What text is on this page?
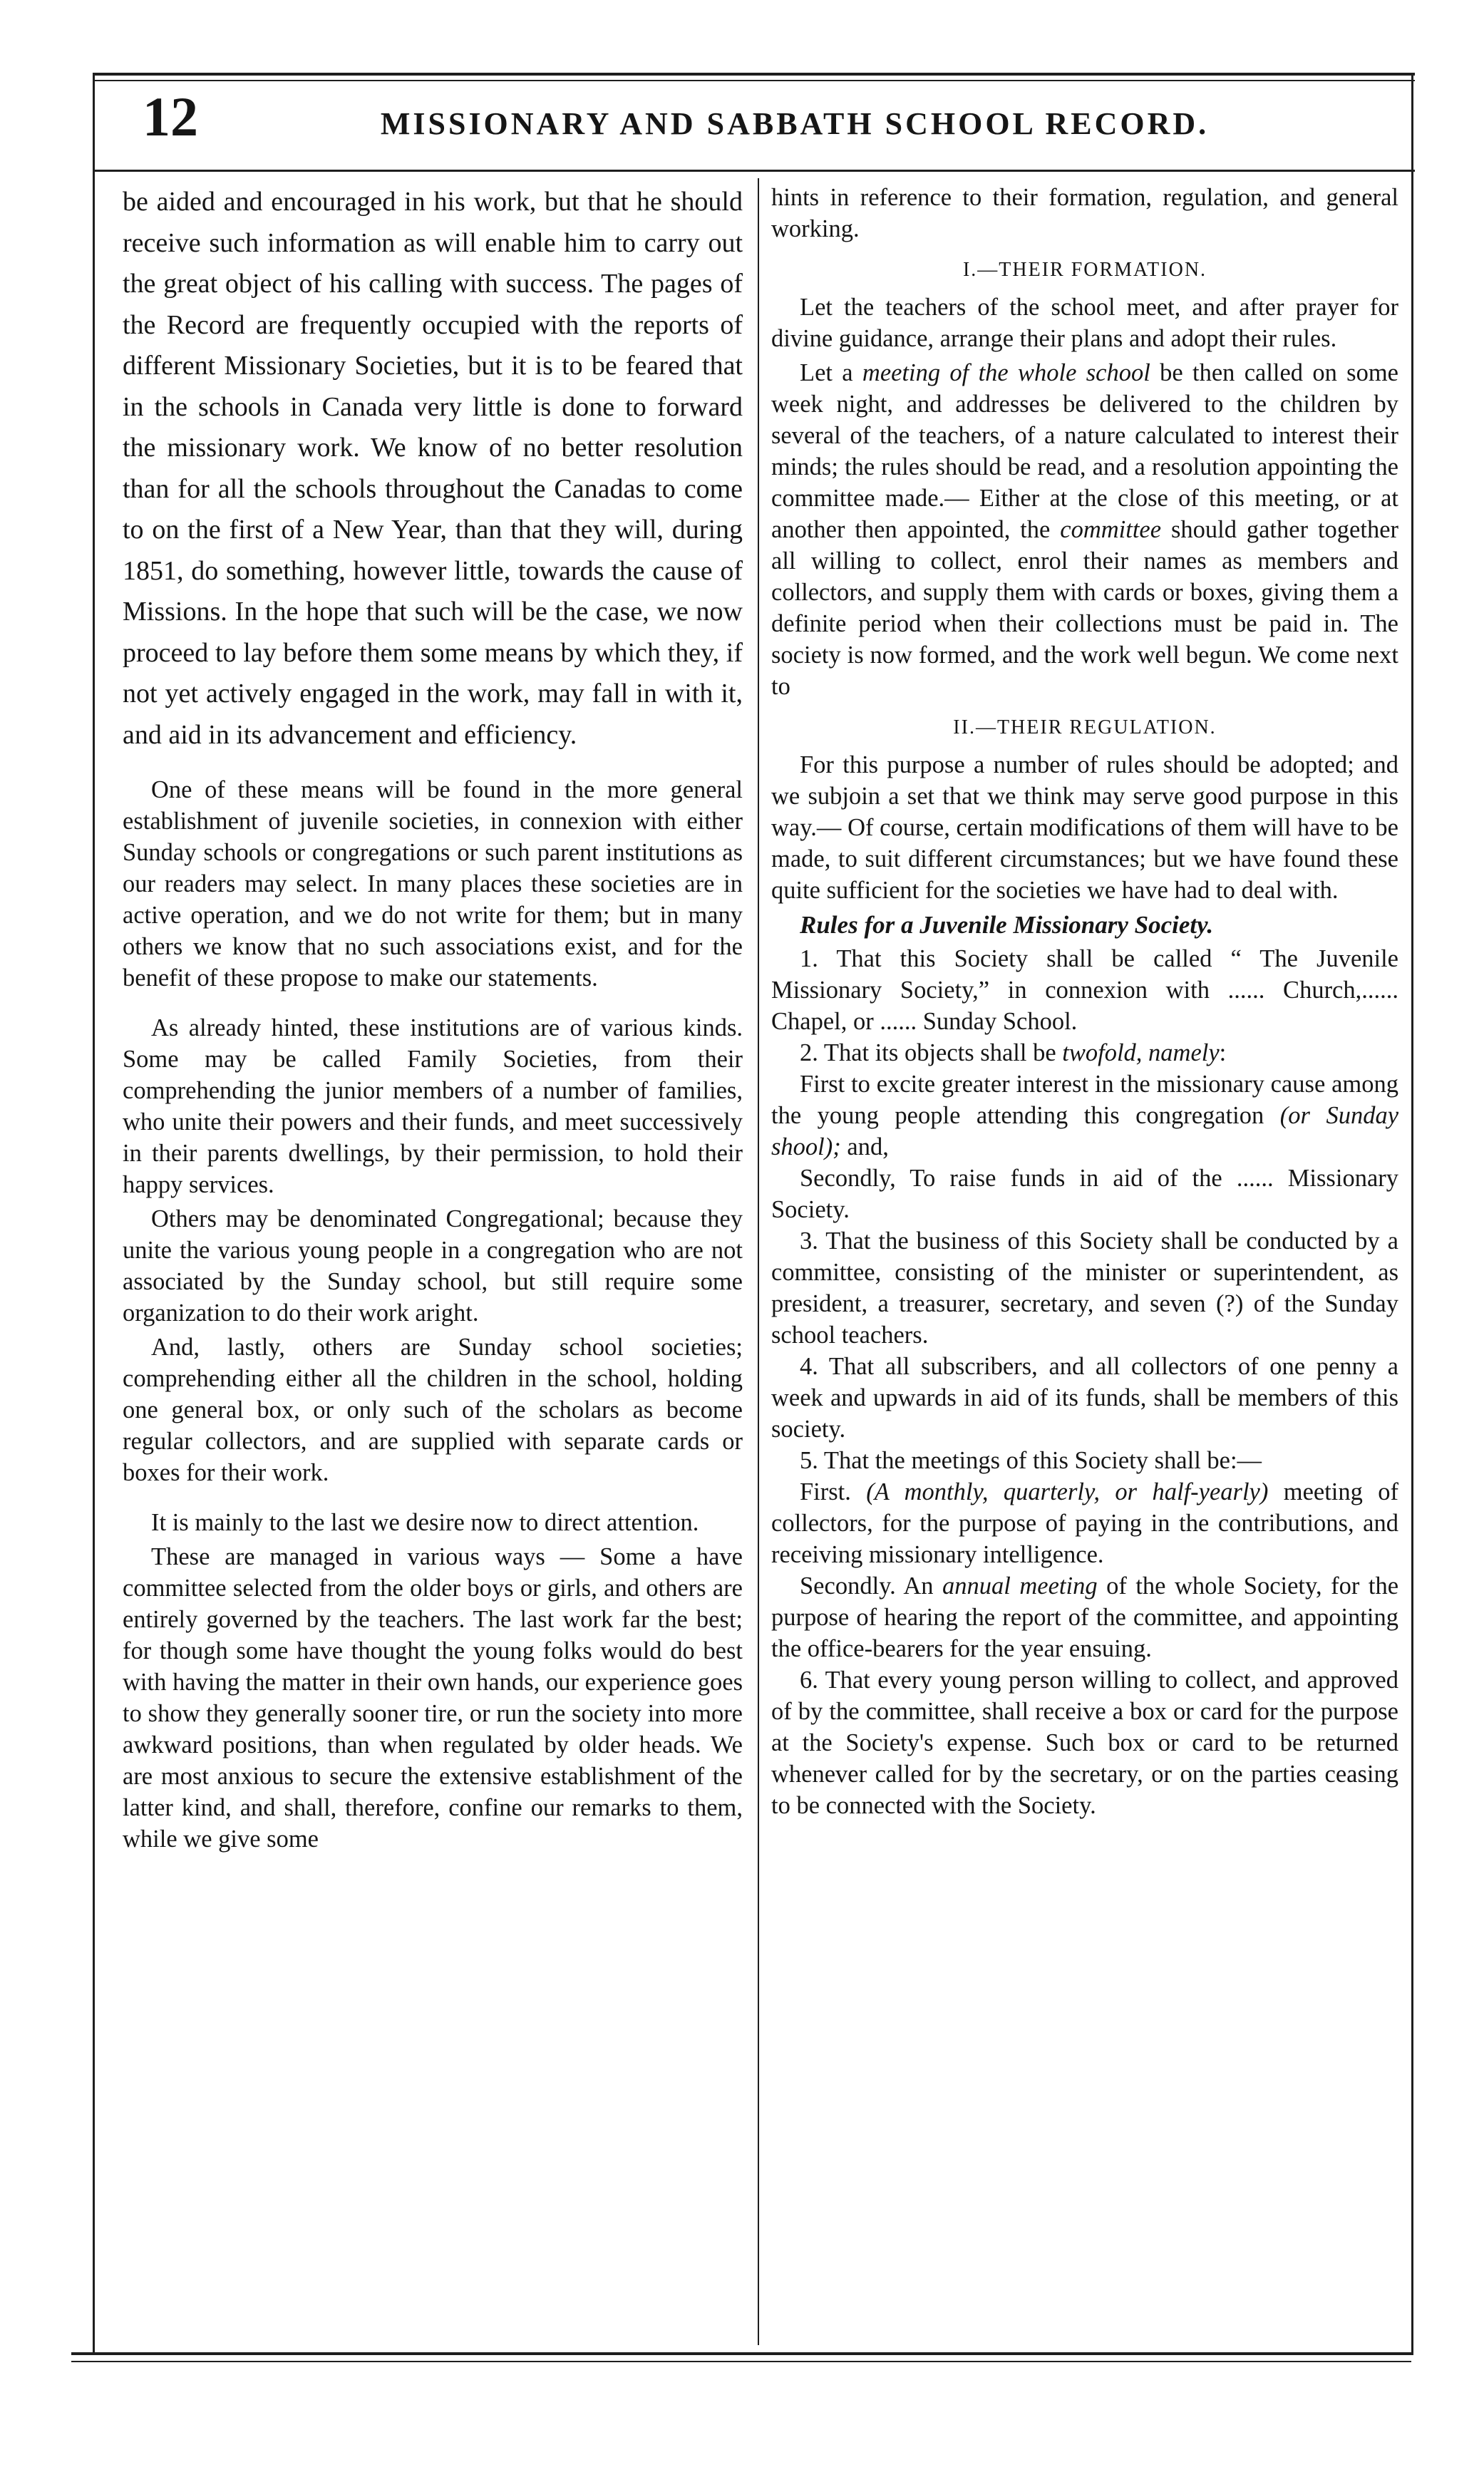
12	MISSIONARY AND SABBATH SCHOOL RECORD.

be aided and encouraged in his work, but that he should receive such information as will enable him to carry out the great object of his calling with success. The pages of the Record are frequently occupied with the reports of different Missionary Societies, but it is to be feared that in the schools in Canada very little is done to forward the missionary work. We know of no better resolution than for all the schools throughout the Canadas to come to on the first of a New Year, than that they will, during 1851, do something, however little, towards the cause of Missions. In the hope that such will be the case, we now proceed to lay before them some means by which they, if not yet actively engaged in the work, may fall in with it, and aid in its advancement and efficiency.

One of these means will be found in the more general establishment of juvenile societies, in connexion with either Sunday schools or congregations or such parent institutions as our readers may select. In many places these societies are in active operation, and we do not write for them; but in many others we know that no such associations exist, and for the benefit of these propose to make our statements.

As already hinted, these institutions are of various kinds. Some may be called Family Societies, from their comprehending the junior members of a number of families, who unite their powers and their funds, and meet successively in their parents dwellings, by their permission, to hold their happy services.

Others may be denominated Congregational; because they unite the various young people in a congregation who are not associated by the Sunday school, but still require some organization to do their work aright.

And, lastly, others are Sunday school societies; comprehending either all the children in the school, holding one general box, or only such of the scholars as become regular collectors, and are supplied with separate cards or boxes for their work.

It is mainly to the last we desire now to direct attention.

These are managed in various ways — Some a have committee selected from the older boys or girls, and others are entirely governed by the teachers. The last work far the best; for though some have thought the young folks would do best with having the matter in their own hands, our experience goes to show they generally sooner tire, or run the society into more awkward positions, than when regulated by older heads. We are most anxious to secure the extensive establishment of the latter kind, and shall, therefore, confine our remarks to them, while we give some

hints in reference to their formation, regulation, and general working.

I.—THEIR FORMATION.

Let the teachers of the school meet, and after prayer for divine guidance, arrange their plans and adopt their rules.

Let a meeting of the whole school be then called on some week night, and addresses be delivered to the children by several of the teachers, of a nature calculated to interest their minds; the rules should be read, and a resolution appointing the committee made.— Either at the close of this meeting, or at another then appointed, the committee should gather together all willing to collect, enrol their names as members and collectors, and supply them with cards or boxes, giving them a definite period when their collections must be paid in. The society is now formed, and the work well begun. We come next to

II.—THEIR REGULATION.

For this purpose a number of rules should be adopted; and we subjoin a set that we think may serve good purpose in this way.— Of course, certain modifications of them will have to be made, to suit different circumstances; but we have found these quite sufficient for the societies we have had to deal with.

Rules for a Juvenile Missionary Society.

1. That this Society shall be called “ The Juvenile Missionary Society,” in connexion with ...... Church,...... Chapel, or ...... Sunday School.

2. That its objects shall be twofold, namely:

First to excite greater interest in the missionary cause among the young people attending this congregation (or Sunday shool); and,

Secondly, To raise funds in aid of the ...... Missionary Society.

3. That the business of this Society shall be conducted by a committee, consisting of the minister or superintendent, as president, a treasurer, secretary, and seven (?) of the Sunday school teachers.

4. That all subscribers, and all collectors of one penny a week and upwards in aid of its funds, shall be members of this society.

5. That the meetings of this Society shall be:—

First. (A monthly, quarterly, or half-yearly) meeting of collectors, for the purpose of paying in the contributions, and receiving missionary intelligence.

Secondly. An annual meeting of the whole Society, for the purpose of hearing the report of the committee, and appointing the office-bearers for the year ensuing.

6. That every young person willing to collect, and approved of by the committee, shall receive a box or card for the purpose at the Society's expense. Such box or card to be returned whenever called for by the secretary, or on the parties ceasing to be connected with the Society.
